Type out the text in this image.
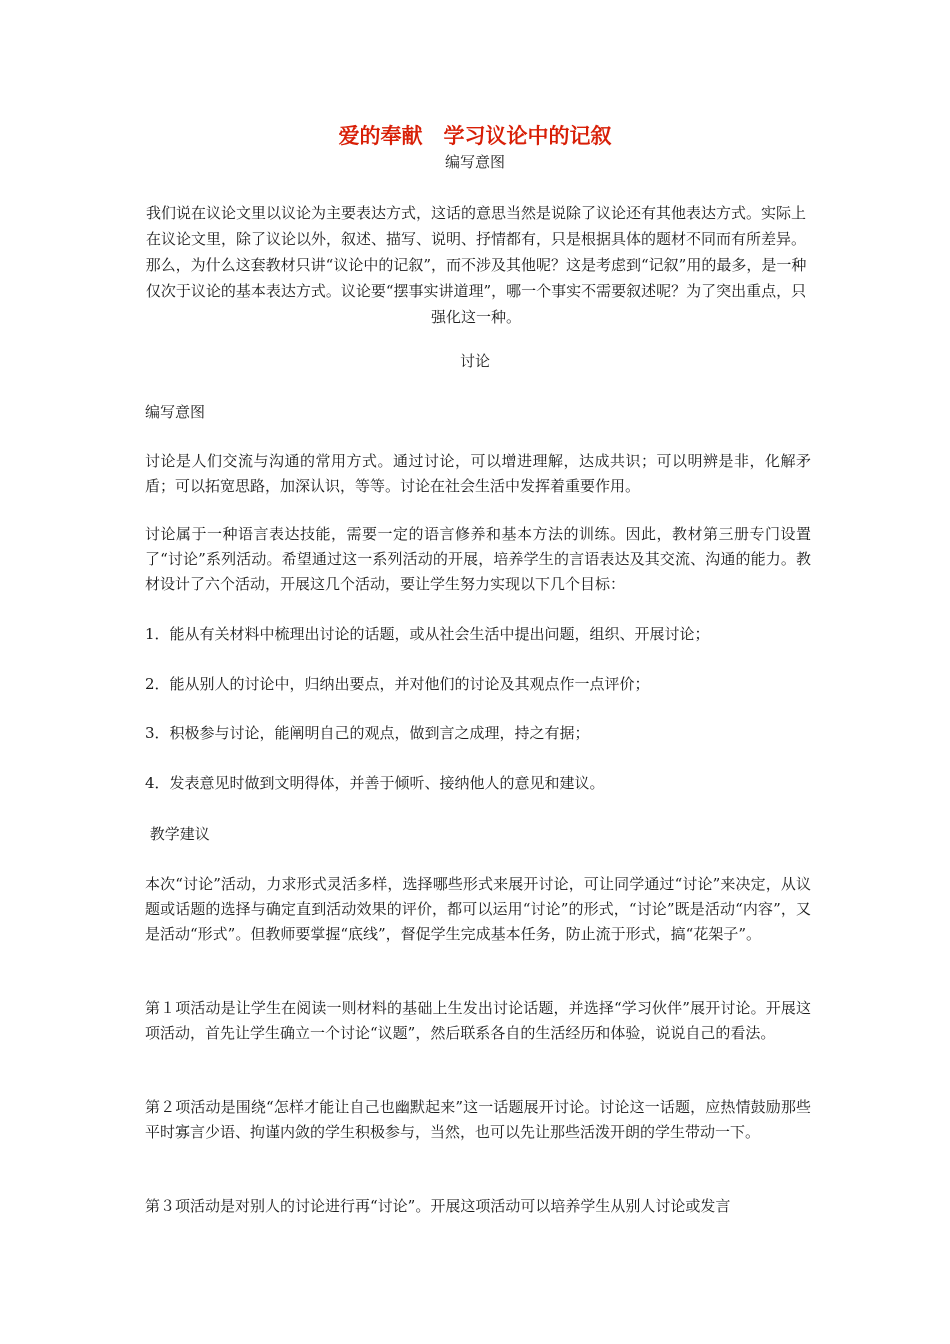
爱的奉献　学习议论中的记叙
编写意图
我们说在议论文里以议论为主要表达方式，这话的意思当然是说除了议论还有其他表达方式。实际上在议论文里，除了议论以外，叙述、描写、说明、抒情都有，只是根据具体的题材不同而有所差异。那么，为什么这套教材只讲“议论中的记叙”，而不涉及其他呢？这是考虑到“记叙”用的最多，是一种仅次于议论的基本表达方式。议论要“摆事实讲道理”，哪一个事实不需要叙述呢？为了突出重点，只强化这一种。
讨论
编写意图
讨论是人们交流与沟通的常用方式。通过讨论，可以增进理解，达成共识；可以明辨是非，化解矛盾；可以拓宽思路，加深认识，等等。讨论在社会生活中发挥着重要作用。
讨论属于一种语言表达技能，需要一定的语言修养和基本方法的训练。因此，教材第三册专门设置了“讨论”系列活动。希望通过这一系列活动的开展，培养学生的言语表达及其交流、沟通的能力。教材设计了六个活动，开展这几个活动，要让学生努力实现以下几个目标：
1．能从有关材料中梳理出讨论的话题，或从社会生活中提出问题，组织、开展讨论；
2．能从别人的讨论中，归纳出要点，并对他们的讨论及其观点作一点评价；
3．积极参与讨论，能阐明自己的观点，做到言之成理，持之有据；
4．发表意见时做到文明得体，并善于倾听、接纳他人的意见和建议。
教学建议
本次“讨论”活动，力求形式灵活多样，选择哪些形式来展开讨论，可让同学通过“讨论”来决定，从议题或话题的选择与确定直到活动效果的评价，都可以运用“讨论”的形式，“讨论”既是活动“内容”，又是活动“形式”。但教师要掌握“底线”，督促学生完成基本任务，防止流于形式，搞“花架子”。
第１项活动是让学生在阅读一则材料的基础上生发出讨论话题，并选择“学习伙伴”展开讨论。开展这项活动，首先让学生确立一个讨论“议题”，然后联系各自的生活经历和体验，说说自己的看法。
第２项活动是围绕“怎样才能让自己也幽默起来”这一话题展开讨论。讨论这一话题，应热情鼓励那些平时寡言少语、拘谨内敛的学生积极参与，当然，也可以先让那些活泼开朗的学生带动一下。
第３项活动是对别人的讨论进行再“讨论”。开展这项活动可以培养学生从别人讨论或发言
